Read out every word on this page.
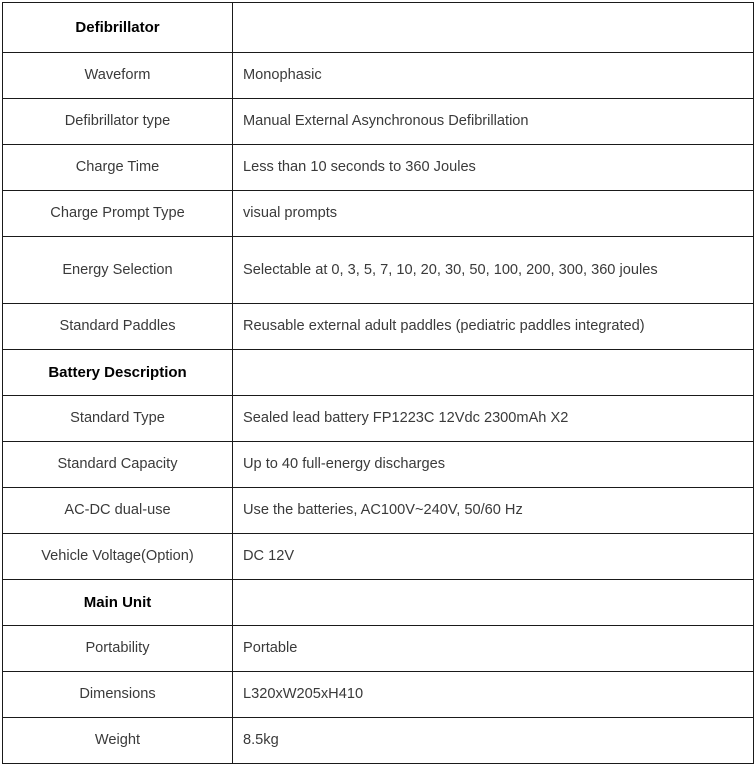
Defibrillator	
Waveform	Monophasic
Defibrillator type	Manual External Asynchronous Defibrillation
Charge Time	Less than 10 seconds to 360 Joules
Charge Prompt Type	visual prompts
Energy Selection	Selectable at 0, 3, 5, 7, 10, 20, 30, 50, 100, 200, 300, 360 joules
Standard Paddles	Reusable external adult paddles (pediatric paddles integrated)
Battery Description	
Standard Type	Sealed lead battery FP1223C 12Vdc 2300mAh X2
Standard Capacity	Up to 40 full-energy discharges
AC-DC dual-use	Use the batteries, AC100V~240V, 50/60 Hz
Vehicle Voltage(Option)	DC 12V
Main Unit	
Portability	Portable
Dimensions	L320xW205xH410
Weight	8.5kg
